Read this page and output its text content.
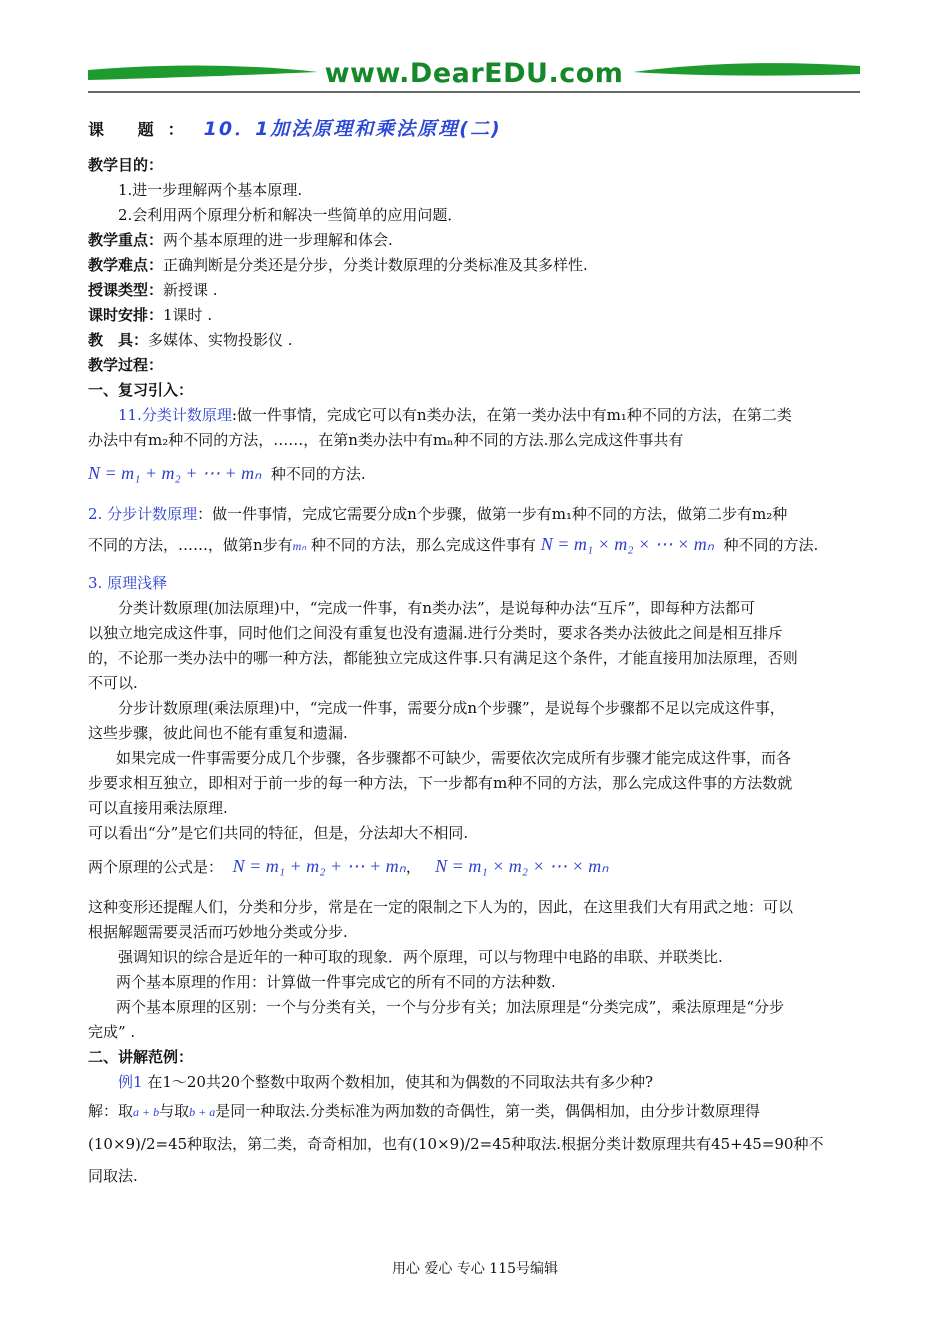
www.DearEDU.com
课 题： 10．1加法原理和乘法原理(二)
教学目的：
1.进一步理解两个基本原理.
2.会利用两个原理分析和解决一些简单的应用问题．
教学重点：两个基本原理的进一步理解和体会.
教学难点：正确判断是分类还是分步，分类计数原理的分类标准及其多样性.
授课类型：新授课 .
课时安排：1课时 .
教　具：多媒体、实物投影仪 .
教学过程：
一、复习引入：
11.分类计数原理:做一件事情，完成它可以有n类办法，在第一类办法中有m₁种不同的方法，在第二类
办法中有m₂种不同的方法，……，在第n类办法中有mₙ种不同的方法.那么完成这件事共有
N = m₁ + m₂ + ⋯ + mₙ 种不同的方法.
2. 分步计数原理：做一件事情，完成它需要分成n个步骤，做第一步有m₁种不同的方法，做第二步有m₂种
不同的方法，……，做第n步有mₙ 种不同的方法，那么完成这件事有 N = m₁ × m₂ × ⋯ × mₙ 种不同的方法.
3. 原理浅释
分类计数原理(加法原理)中，“完成一件事，有n类办法”，是说每种办法“互斥”，即每种方法都可
以独立地完成这件事，同时他们之间没有重复也没有遗漏.进行分类时，要求各类办法彼此之间是相互排斥
的，不论那一类办法中的哪一种方法，都能独立完成这件事.只有满足这个条件，才能直接用加法原理，否则
不可以.
分步计数原理(乘法原理)中，“完成一件事，需要分成n个步骤”，是说每个步骤都不足以完成这件事，
这些步骤，彼此间也不能有重复和遗漏.
如果完成一件事需要分成几个步骤，各步骤都不可缺少，需要依次完成所有步骤才能完成这件事，而各
步要求相互独立，即相对于前一步的每一种方法，下一步都有m种不同的方法，那么完成这件事的方法数就
可以直接用乘法原理.
可以看出“分”是它们共同的特征，但是，分法却大不相同.
两个原理的公式是： N = m₁ + m₂ + ⋯ + mₙ， N = m₁ × m₂ × ⋯ × mₙ
这种变形还提醒人们，分类和分步，常是在一定的限制之下人为的，因此，在这里我们大有用武之地：可以
根据解题需要灵活而巧妙地分类或分步.
强调知识的综合是近年的一种可取的现象．两个原理，可以与物理中电路的串联、并联类比.
两个基本原理的作用：计算做一件事完成它的所有不同的方法种数.
两个基本原理的区别：一个与分类有关，一个与分步有关；加法原理是“分类完成”，乘法原理是“分步
完成” .
二、讲解范例：
例1 在1～20共20个整数中取两个数相加，使其和为偶数的不同取法共有多少种?
解：取a + b与取b + a是同一种取法.分类标准为两加数的奇偶性，第一类，偶偶相加，由分步计数原理得
(10×9)/2=45种取法，第二类，奇奇相加，也有(10×9)/2=45种取法.根据分类计数原理共有45+45=90种不
同取法.
用心 爱心 专心 115号编辑
